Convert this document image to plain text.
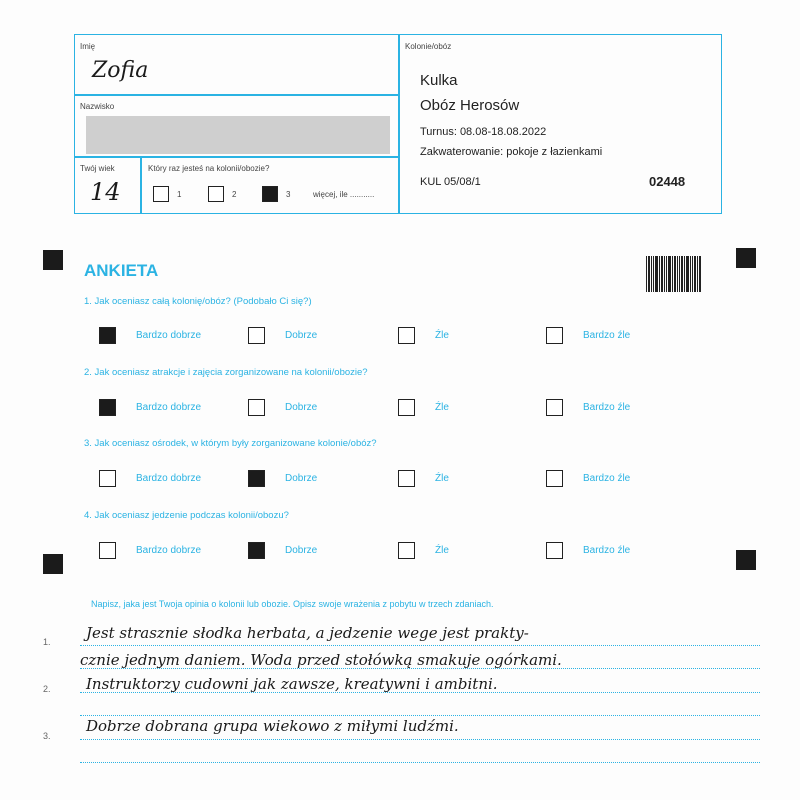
Imię
Zofia
Nazwisko
Twój wiek
14
Który raz jesteś na kolonii/obozie?
1	2	3	więcej, ile ...........
Kolonie/obóz
Kulka
Obóz Herosów
Turnus: 08.08-18.08.2022
Zakwaterowanie: pokoje z łazienkami
KUL 05/08/1	02448
ANKIETA
1. Jak oceniasz całą kolonię/obóz? (Podobało Ci się?)
Bardzo dobrze	Dobrze	Źle	Bardzo źle
2. Jak oceniasz atrakcje i zajęcia zorganizowane na kolonii/obozie?
Bardzo dobrze	Dobrze	Źle	Bardzo źle
3. Jak oceniasz ośrodek, w którym były zorganizowane kolonie/obóz?
Bardzo dobrze	Dobrze	Źle	Bardzo źle
4. Jak oceniasz jedzenie podczas kolonii/obozu?
Bardzo dobrze	Dobrze	Źle	Bardzo źle
Napisz, jaka jest Twoja opinia o kolonii lub obozie. Opisz swoje wrażenia z pobytu w trzech zdaniach.
1.
2.
3.
Jest strasznie słodka herbata, a jedzenie wege jest prakty-
cznie jednym daniem. Woda przed stołówką smakuje ogórkami.
Instruktorzy cudowni jak zawsze, kreatywni i ambitni.
Dobrze dobrana grupa wiekowo z miłymi ludźmi.
